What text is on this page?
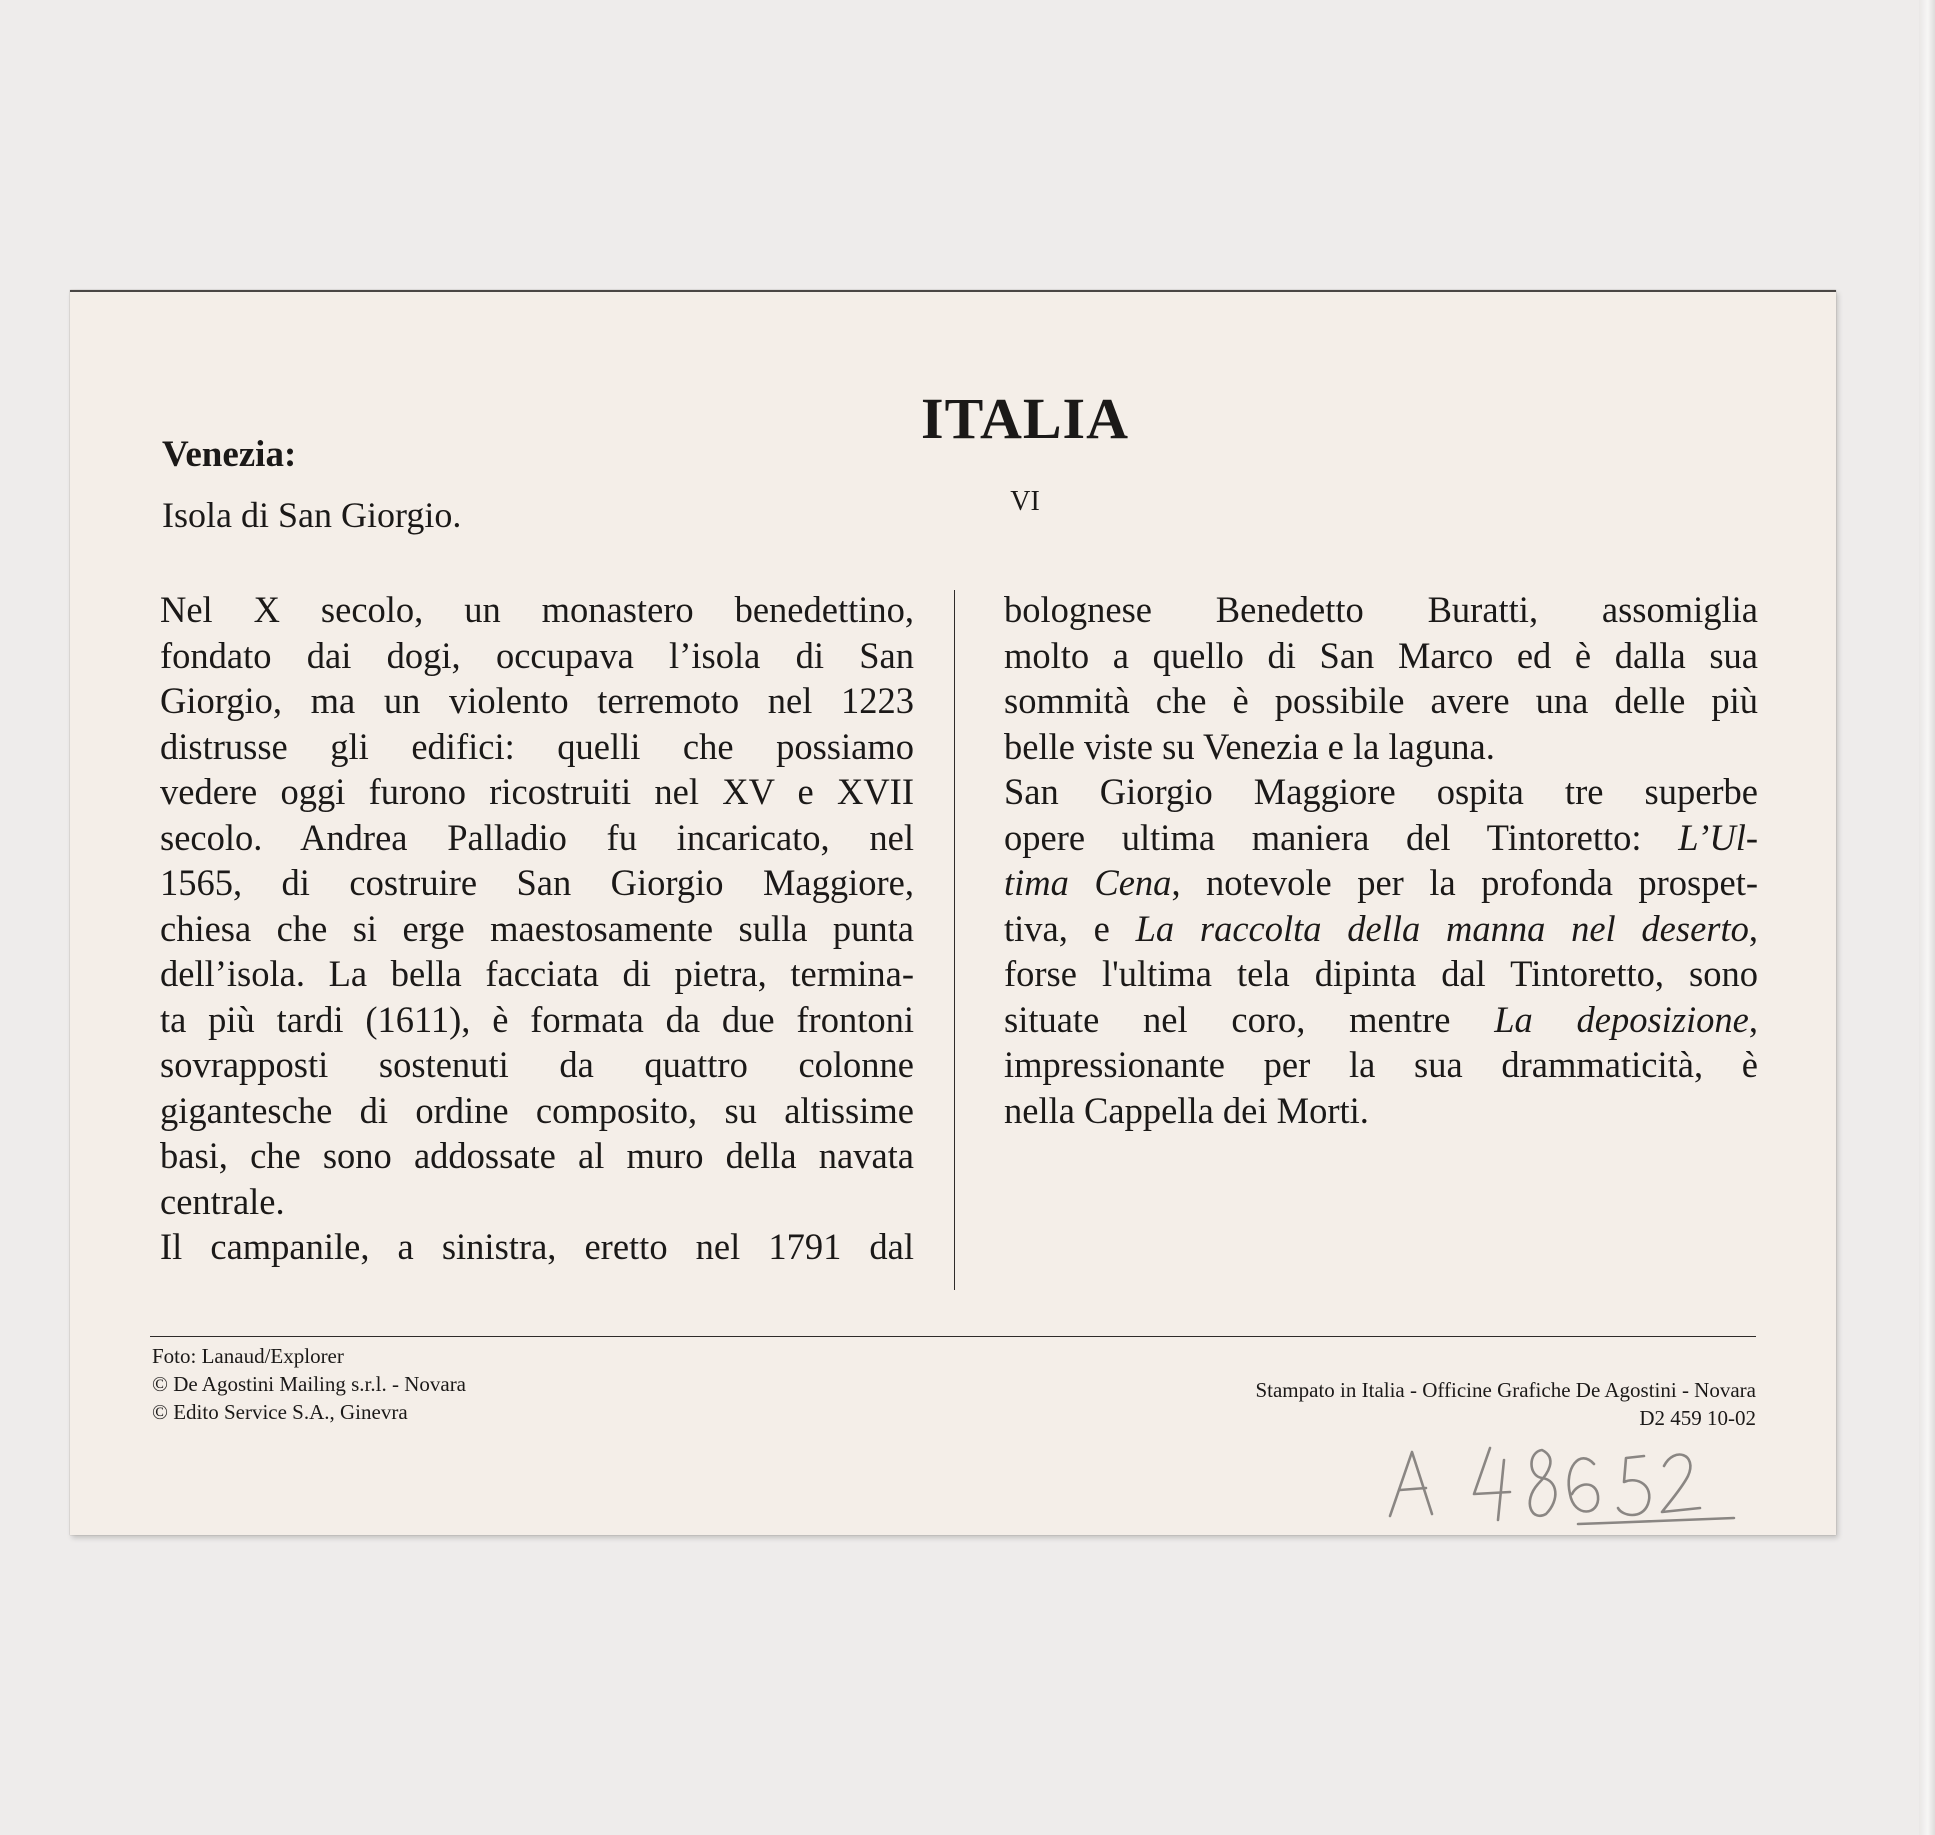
ITALIA
VI
Venezia:
Isola di San Giorgio.
Nel X secolo, un monastero benedettino,
fondato dai dogi, occupava l’isola di San
Giorgio, ma un violento terremoto nel 1223
distrusse gli edifici: quelli che possiamo
vedere oggi furono ricostruiti nel XV e XVII
secolo. Andrea Palladio fu incaricato, nel
1565, di costruire San Giorgio Maggiore,
chiesa che si erge maestosamente sulla punta
dell’isola. La bella facciata di pietra, termina-
ta più tardi (1611), è formata da due frontoni
sovrapposti sostenuti da quattro colonne
gigantesche di ordine composito, su altissime
basi, che sono addossate al muro della navata
centrale.
Il campanile, a sinistra, eretto nel 1791 dal
bolognese Benedetto Buratti, assomiglia
molto a quello di San Marco ed è dalla sua
sommità che è possibile avere una delle più
belle viste su Venezia e la laguna.
San Giorgio Maggiore ospita tre superbe
opere ultima maniera del Tintoretto: L’Ul-
tima Cena, notevole per la profonda prospet-
tiva, e La raccolta della manna nel deserto,
forse l'ultima tela dipinta dal Tintoretto, sono
situate nel coro, mentre La deposizione,
impressionante per la sua drammaticità, è
nella Cappella dei Morti.
Foto: Lanaud/Explorer
© De Agostini Mailing s.r.l. - Novara
© Edito Service S.A., Ginevra
Stampato in Italia - Officine Grafiche De Agostini - Novara
D2 459 10-02
